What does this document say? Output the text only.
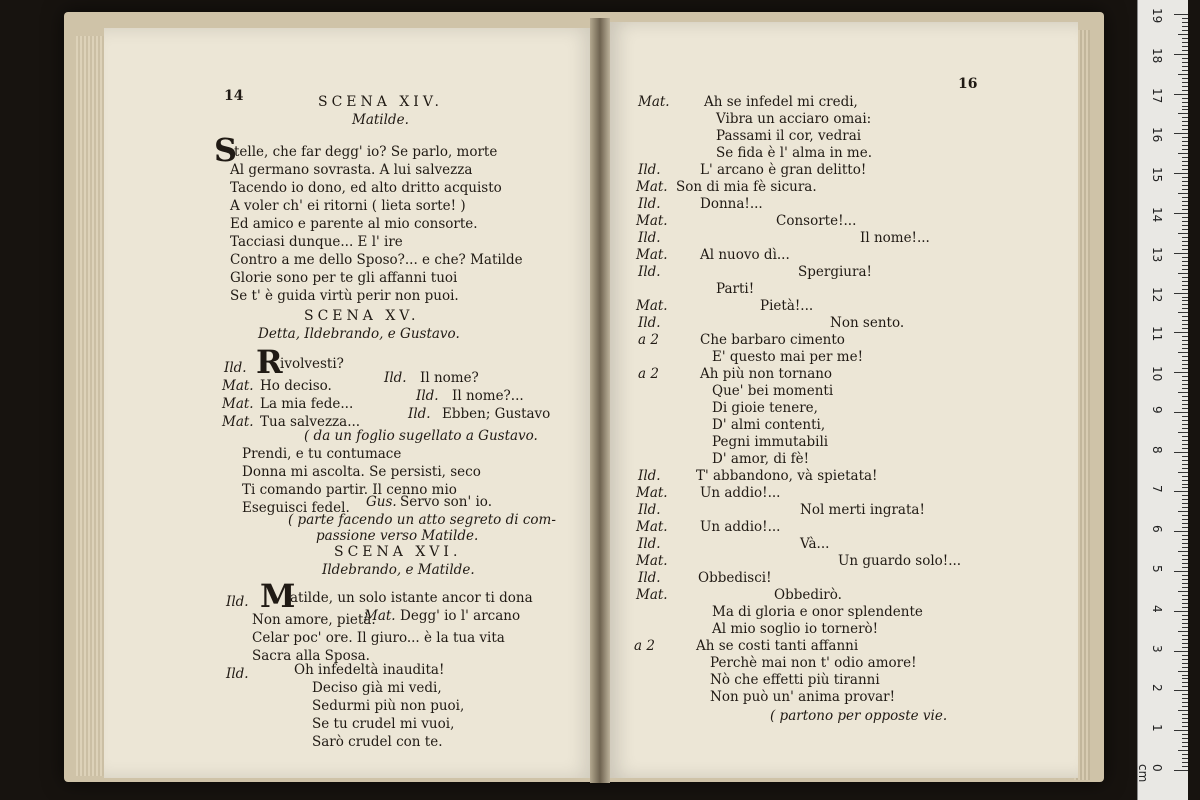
14	SCENA XIV.
Matilde.
S
telle, che far degg' io? Se parlo, morte
Al germano sovrasta. A lui salvezza
Tacendo io dono, ed alto dritto acquisto
A voler ch' ei ritorni ( lieta sorte! )
Ed amico e parente al mio consorte.
Tacciasi dunque... E l' ire
Contro a me dello Sposo?... e che? Matilde
Glorie sono per te gli affanni tuoi
Se t' è guida virtù perir non puoi.
SCENA XV.
Detta, Ildebrando, e Gustavo.
Ild. R
ivolvesti?
Mat. Ho deciso.	Ild. Il nome?
Mat. La mia fede...	Ild. Il nome?...
Mat. Tua salvezza...	Ild. Ebben; Gustavo
( da un foglio sugellato a Gustavo.
Prendi, e tu contumace
Donna mi ascolta. Se persisti, seco
Ti comando partir. Il cenno mio
Eseguisci fedel. Gus. Servo son' io.
( parte facendo un atto segreto di com-
passione verso Matilde.
SCENA XVI.
Ildebrando, e Matilde.
Ild. M
atilde, un solo istante ancor ti dona
Non amore, pietà.
Mat. Degg' io l' arcano
Celar poc' ore. Il giuro... è la tua vita
Sacra alla Sposa.
Ild.	Oh infedeltà inaudita!
Deciso già mi vedi,
Sedurmi più non puoi,
Se tu crudel mi vuoi,
Sarò crudel con te.
16
Mat.	Ah se infedel mi credi,
Vibra un acciaro omai:
Passami il cor, vedrai
Se fida è l' alma in me.
Ild.	L' arcano è gran delitto!
Mat. Son di mia fè sicura.
Ild.	Donna!...
Mat.	Consorte!...
Ild.	Il nome!...
Mat. Al nuovo dì...
Ild.	Spergiura!
Parti!
Mat.	Pietà!...
Ild.	Non sento.
a 2	Che barbaro cimento
E' questo mai per me!
a 2	Ah più non tornano
Que' bei momenti
Di gioie tenere,
D' almi contenti,
Pegni immutabili
D' amor, di fè!
Ild.	T' abbandono, và spietata!
Mat. Un addio!...
Ild.	Nol merti ingrata!
Mat. Un addio!...
Ild.	Và...
Mat.	Un guardo solo!...
Ild.	Obbedisci!
Mat.	Obbedirò.
Ma di gloria e onor splendente
Al mio soglio io tornerò!
a 2	Ah se costi tanti affanni
Perchè mai non t' odio amore!
Nò che effetti più tiranni
Non può un' anima provar!
( partono per opposte vie.
19
18
17
16
15
14
13
12
11
10
9
8
7
6
5
4
3
2
1
0 cm
